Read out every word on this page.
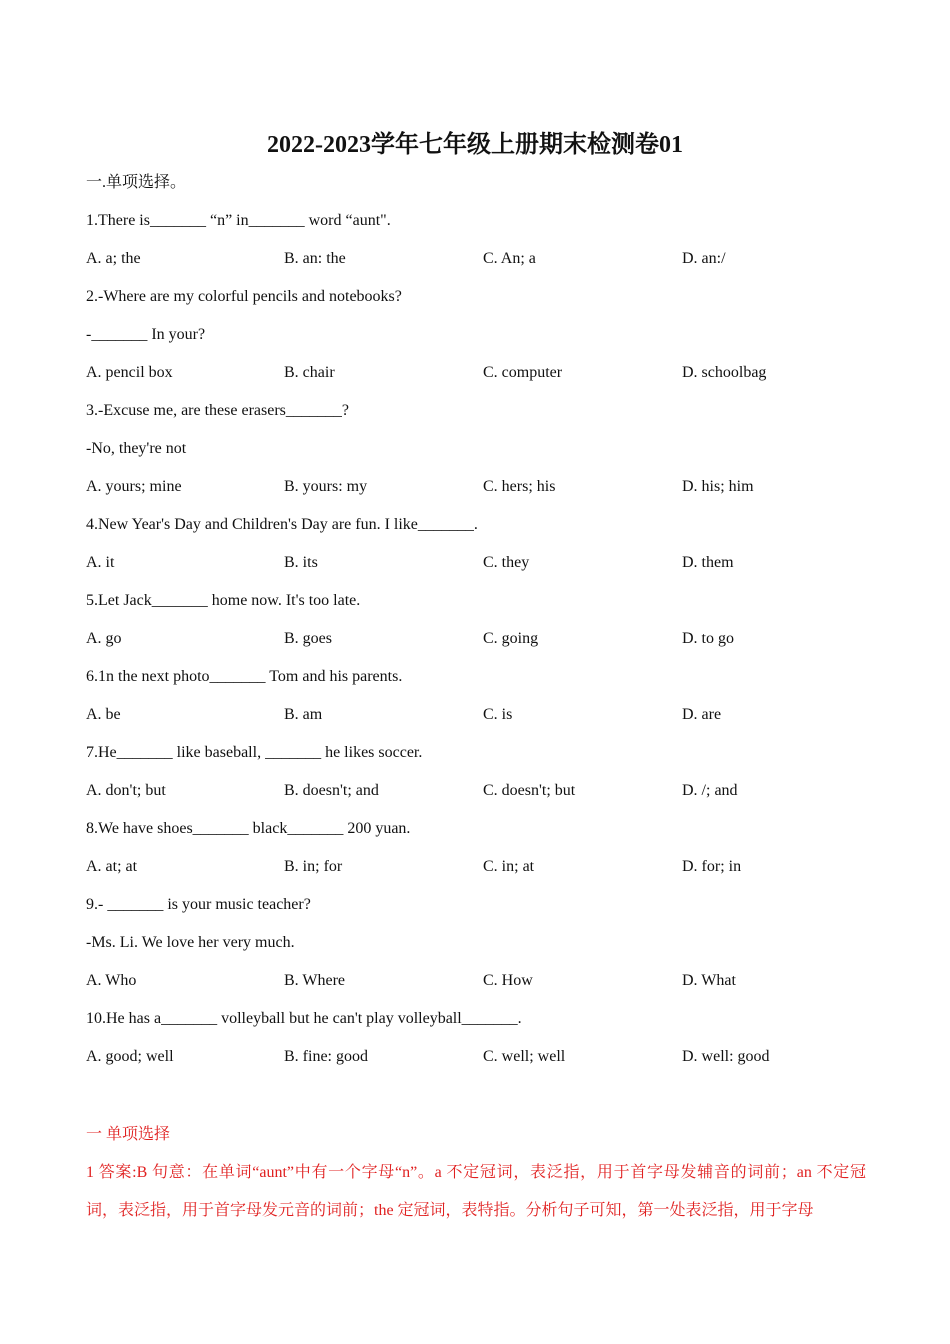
2022-2023学年七年级上册期末检测卷01
一.单项选择。
1.There is_______ “n” in_______ word “aunt".
A. a; the	B. an: the	C. An; a	D. an:/
2.-Where are my colorful pencils and notebooks?
-_______ In your?
A. pencil box	B. chair	C. computer	D. schoolbag
3.-Excuse me, are these erasers_______?
-No, they're not
A. yours; mine	B. yours: my	C. hers; his	D. his; him
4.New Year's Day and Children's Day are fun. I like_______.
A. it	B. its	C. they	D. them
5.Let Jack_______ home now. It's too late.
A. go	B. goes	C. going	D. to go
6.1n the next photo_______ Tom and his parents.
A. be	B. am	C. is	D. are
7.He_______ like baseball, _______ he likes soccer.
A. don't; but	B. doesn't; and	C. doesn't; but	D. /; and
8.We have shoes_______ black_______ 200 yuan.
A. at; at	B. in; for	C. in; at	D. for; in
9.- _______ is your music teacher?
-Ms. Li. We love her very much.
A. Who	B. Where	C. How	D. What
10.He has a_______ volleyball but he can't play volleyball_______.
A. good; well	B. fine: good	C. well; well	D. well: good
一 单项选择
1 答案:B 句意：在单词“aunt”中有一个字母“n”。a 不定冠词，表泛指，用于首字母发辅音的词前；an 不定冠词，表泛指，用于首字母发元音的词前；the 定冠词，表特指。分析句子可知，第一处表泛指，用于字母
